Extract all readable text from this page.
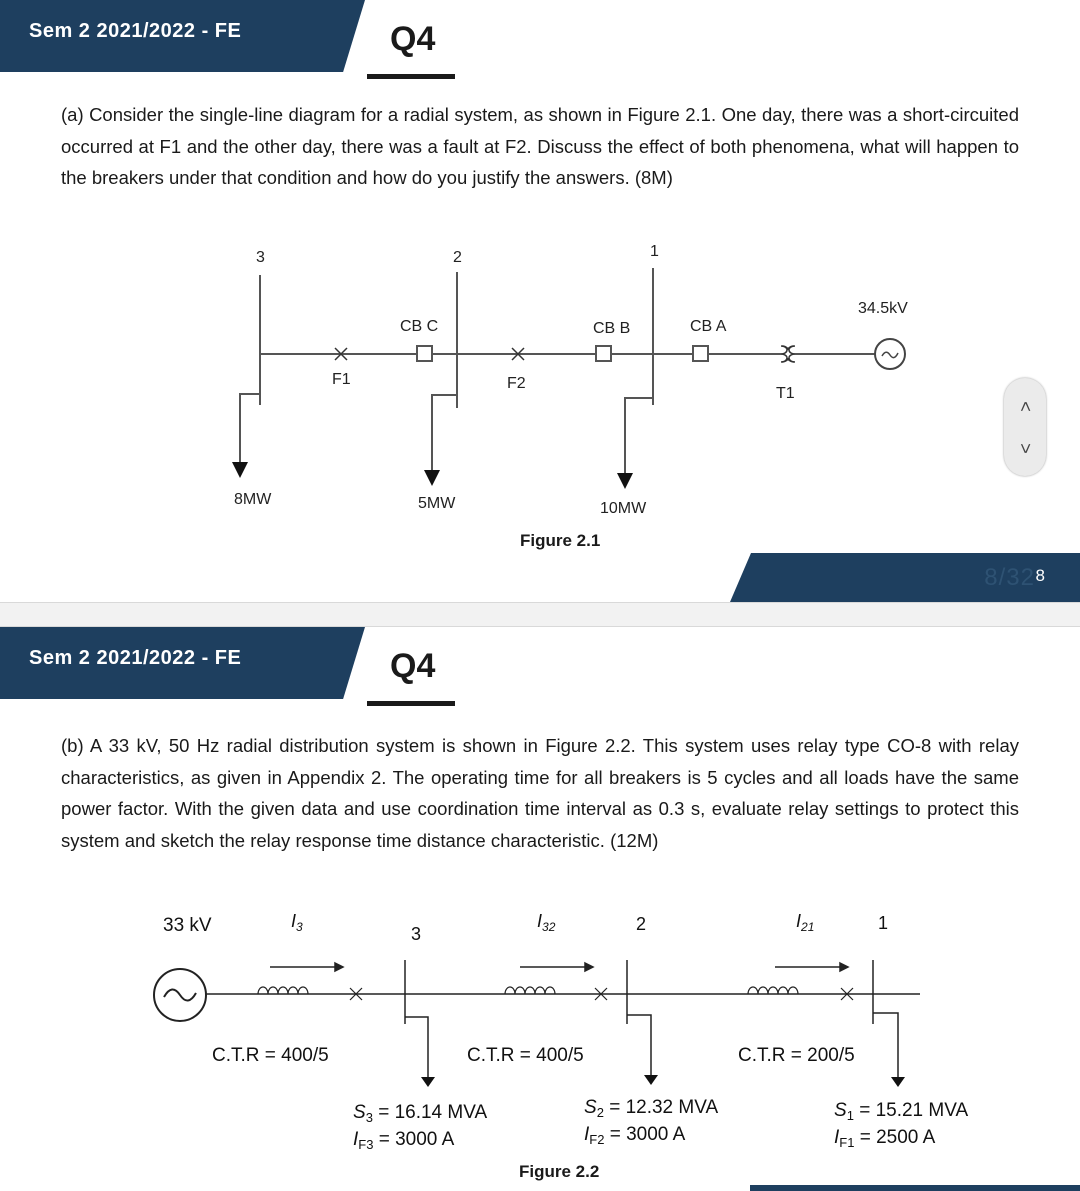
Sem 2 2021/2022 - FE	Q4
(a) Consider the single-line diagram for a radial system, as shown in Figure 2.1. One day, there was a short-circuited occurred at F1 and the other day, there was a fault at F2. Discuss the effect of both phenomena, what will happen to the breakers under that condition and how do you justify the answers. (8M)
3	2	1
CB C	CB B	CB A
F1	F2
T1
34.5kV
8MW	5MW	10MW
Figure 2.1
8/32 8
<
>
Sem 2 2021/2022 - FE	Q4
(b) A 33 kV, 50 Hz radial distribution system is shown in Figure 2.2. This system uses relay type CO-8 with relay characteristics, as given in Appendix 2. The operating time for all breakers is 5 cycles and all loads have the same power factor. With the given data and use coordination time interval as 0.3 s, evaluate relay settings to protect this system and sketch the relay response time distance characteristic. (12M)
33 kV	$I_3$	$I_{32}$	$I_{21}$
3	2	1
C.T.R = 400/5	C.T.R = 400/5	C.T.R = 200/5
$S_3 = 16.14$ MVA
$I_{F3} = 3000$ A
$S_2 = 12.32$ MVA
$I_{F2} = 3000$ A
$S_1 = 15.21$ MVA
$I_{F1} = 2500$ A
Figure 2.2
